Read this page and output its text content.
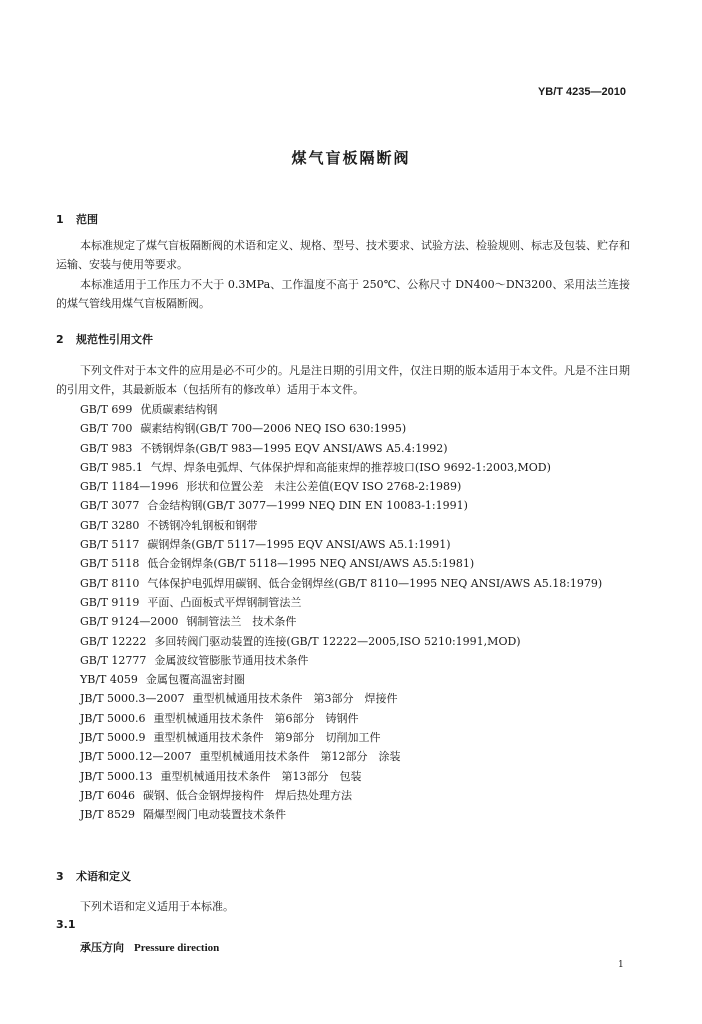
YB/T 4235—2010
煤气盲板隔断阀
1 范围
本标准规定了煤气盲板隔断阀的术语和定义、规格、型号、技术要求、试验方法、检验规则、标志及包装、贮存和运输、安装与使用等要求。
本标准适用于工作压力不大于 0.3MPa、工作温度不高于 250℃、公称尺寸 DN400～DN3200、采用法兰连接的煤气管线用煤气盲板隔断阀。
2 规范性引用文件
下列文件对于本文件的应用是必不可少的。凡是注日期的引用文件，仅注日期的版本适用于本文件。凡是不注日期的引用文件，其最新版本（包括所有的修改单）适用于本文件。
GB/T 699 优质碳素结构钢
GB/T 700 碳素结构钢(GB/T 700—2006 NEQ ISO 630:1995)
GB/T 983 不锈钢焊条(GB/T 983—1995 EQV ANSI/AWS A5.4:1992)
GB/T 985.1 气焊、焊条电弧焊、气体保护焊和高能束焊的推荐坡口(ISO 9692-1:2003,MOD)
GB/T 1184—1996 形状和位置公差　未注公差值(EQV ISO 2768-2:1989)
GB/T 3077 合金结构钢(GB/T 3077—1999 NEQ DIN EN 10083-1:1991)
GB/T 3280 不锈钢冷轧钢板和钢带
GB/T 5117 碳钢焊条(GB/T 5117—1995 EQV ANSI/AWS A5.1:1991)
GB/T 5118 低合金钢焊条(GB/T 5118—1995 NEQ ANSI/AWS A5.5:1981)
GB/T 8110 气体保护电弧焊用碳钢、低合金钢焊丝(GB/T 8110—1995 NEQ ANSI/AWS A5.18:1979)
GB/T 9119 平面、凸面板式平焊钢制管法兰
GB/T 9124—2000 钢制管法兰　技术条件
GB/T 12222 多回转阀门驱动装置的连接(GB/T 12222—2005,ISO 5210:1991,MOD)
GB/T 12777 金属波纹管膨胀节通用技术条件
YB/T 4059 金属包覆高温密封圈
JB/T 5000.3—2007 重型机械通用技术条件　第3部分　焊接件
JB/T 5000.6 重型机械通用技术条件　第6部分　铸钢件
JB/T 5000.9 重型机械通用技术条件　第9部分　切削加工件
JB/T 5000.12—2007 重型机械通用技术条件　第12部分　涂装
JB/T 5000.13 重型机械通用技术条件　第13部分　包装
JB/T 6046 碳钢、低合金钢焊接构件　焊后热处理方法
JB/T 8529 隔爆型阀门电动装置技术条件
3 术语和定义
下列术语和定义适用于本标准。
3.1
承压方向 Pressure direction
1
